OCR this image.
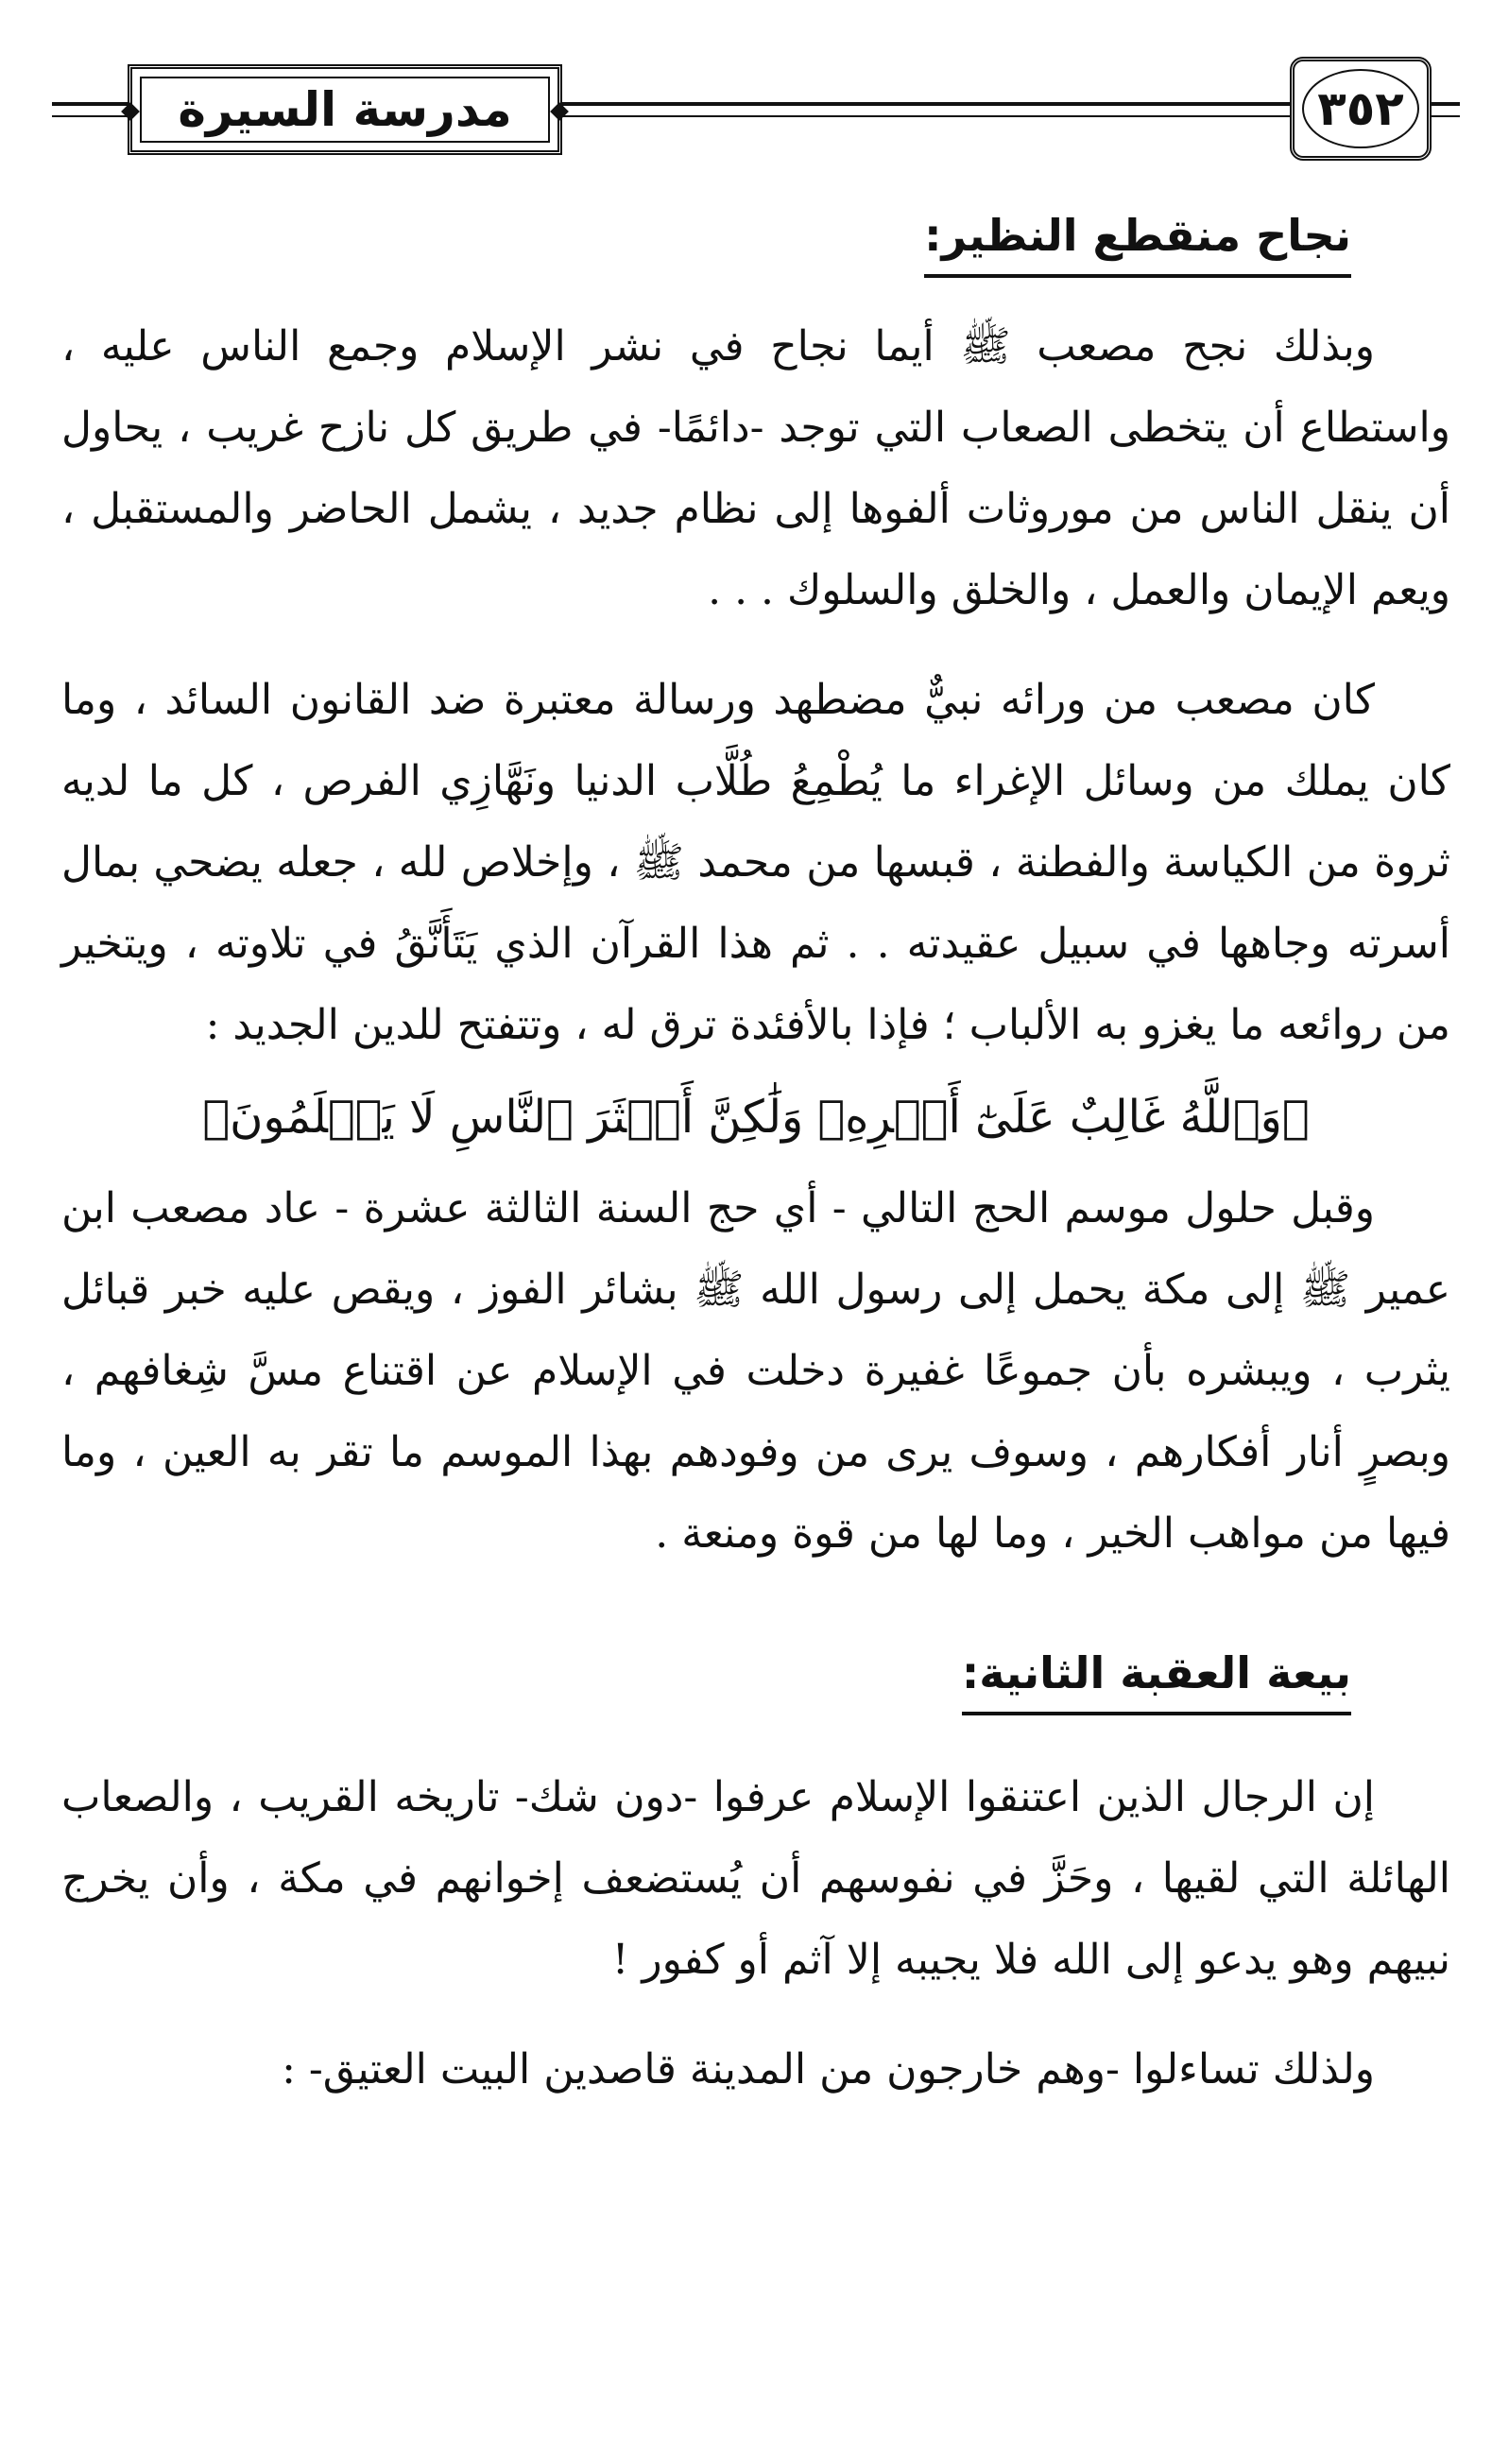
مدرسة السيرة	٣٥٢
نجاح منقطع النظير:

وبذلك نجح مصعب ﷺ أيما نجاح في نشر الإسلام وجمع الناس عليه ، واستطاع أن يتخطى الصعاب التي توجد -دائمًا- في طريق كل نازح غريب ، يحاول أن ينقل الناس من موروثات ألفوها إلى نظام جديد ، يشمل الحاضر والمستقبل ، ويعم الإيمان والعمل ، والخلق والسلوك . . .

كان مصعب من ورائه نبيٌّ مضطهد ورسالة معتبرة ضد القانون السائد ، وما كان يملك من وسائل الإغراء ما يُطْمِعُ طُلَّاب الدنيا ونَهَّازِي الفرص ، كل ما لديه ثروة من الكياسة والفطنة ، قبسها من محمد ﷺ ، وإخلاص لله ، جعله يضحي بمال أسرته وجاهها في سبيل عقيدته . . ثم هذا القرآن الذي يَتَأَنَّقُ في تلاوته ، ويتخير من روائعه ما يغزو به الألباب ؛ فإذا بالأفئدة ترق له ، وتتفتح للدين الجديد :

﴿وَٱللَّهُ غَالِبٌ عَلَىٰٓ أَمۡرِهِۦ وَلَٰكِنَّ أَكۡثَرَ ٱلنَّاسِ لَا يَعۡلَمُونَ﴾

وقبل حلول موسم الحج التالي - أي حج السنة الثالثة عشرة - عاد مصعب ابن عمير ﷺ إلى مكة يحمل إلى رسول الله ﷺ بشائر الفوز ، ويقص عليه خبر قبائل يثرب ، ويبشره بأن جموعًا غفيرة دخلت في الإسلام عن اقتناع مسَّ شِغافهم ، وبصرٍ أنار أفكارهم ، وسوف يرى من وفودهم بهذا الموسم ما تقر به العين ، وما فيها من مواهب الخير ، وما لها من قوة ومنعة .

بيعة العقبة الثانية:

إن الرجال الذين اعتنقوا الإسلام عرفوا -دون شك- تاريخه القريب ، والصعاب الهائلة التي لقيها ، وحَزَّ في نفوسهم أن يُستضعف إخوانهم في مكة ، وأن يخرج نبيهم وهو يدعو إلى الله فلا يجيبه إلا آثم أو كفور !

ولذلك تساءلوا -وهم خارجون من المدينة قاصدين البيت العتيق- :
